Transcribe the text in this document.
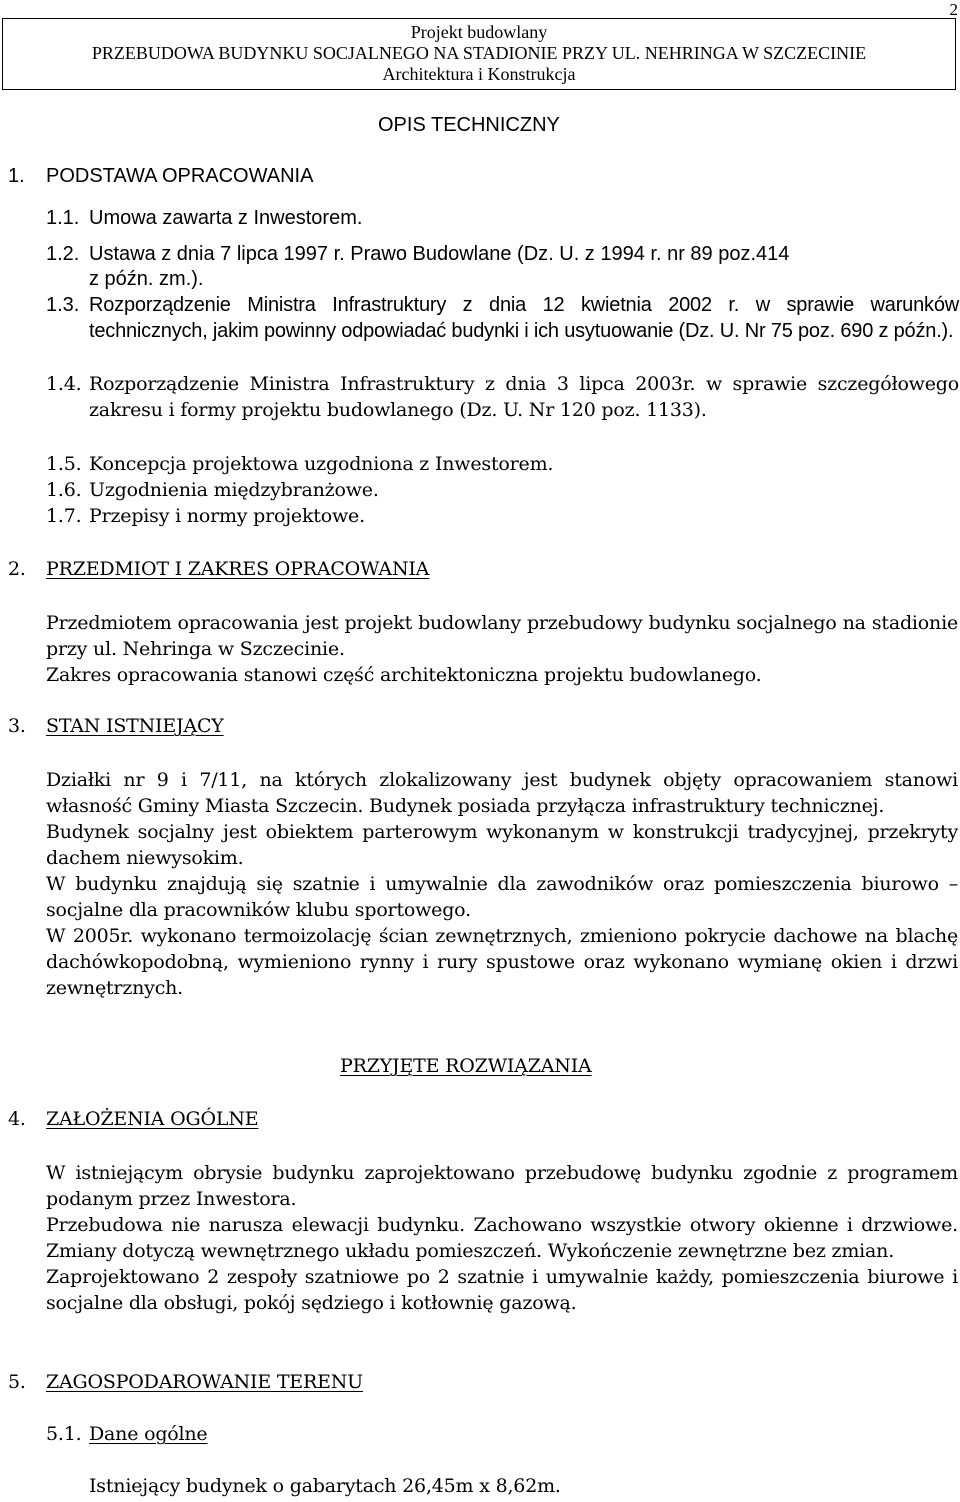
2
Projekt budowlany
PRZEBUDOWA BUDYNKU SOCJALNEGO NA STADIONIE PRZY UL. NEHRINGA W SZCZECINIE
Architektura i Konstrukcja
OPIS TECHNICZNY
1. PODSTAWA OPRACOWANIA
1.1. Umowa zawarta z Inwestorem.
1.2. Ustawa z dnia 7 lipca 1997 r. Prawo Budowlane (Dz. U. z 1994 r. nr 89 poz.414
z późn. zm.).
1.3. Rozporządzenie Ministra Infrastruktury z dnia 12 kwietnia 2002 r. w sprawie warunków technicznych, jakim powinny odpowiadać budynki i ich usytuowanie (Dz. U. Nr 75 poz. 690 z późn.).

1.4. Rozporządzenie Ministra Infrastruktury z dnia 3 lipca 2003r. w sprawie szczegółowego zakresu i formy projektu budowlanego (Dz. U. Nr 120 poz. 1133).

1.5. Koncepcja projektowa uzgodniona z Inwestorem.
1.6. Uzgodnienia międzybranżowe.
1.7. Przepisy i normy projektowe.
2. PRZEDMIOT I ZAKRES OPRACOWANIA

Przedmiotem opracowania jest projekt budowlany przebudowy budynku socjalnego na stadionie przy ul. Nehringa w Szczecinie.

Zakres opracowania stanowi część architektoniczna projektu budowlanego.

3. STAN ISTNIEJĄCY

Działki nr 9 i 7/11, na których zlokalizowany jest budynek objęty opracowaniem stanowi własność Gminy Miasta Szczecin. Budynek posiada przyłącza infrastruktury technicznej.

Budynek socjalny jest obiektem parterowym wykonanym w konstrukcji tradycyjnej, przekryty dachem niewysokim.

W budynku znajdują się szatnie i umywalnie dla zawodników oraz pomieszczenia biurowo – socjalne dla pracowników klubu sportowego.

W 2005r. wykonano termoizolację ścian zewnętrznych, zmieniono pokrycie dachowe na blachę dachówkopodobną, wymieniono rynny i rury spustowe oraz wykonano wymianę okien i drzwi zewnętrznych.

PRZYJĘTE ROZWIĄZANIA
4. ZAŁOŻENIA OGÓLNE

W istniejącym obrysie budynku zaprojektowano przebudowę budynku zgodnie z programem podanym przez Inwestora.

Przebudowa nie narusza elewacji budynku. Zachowano wszystkie otwory okienne i drzwiowe. Zmiany dotyczą wewnętrznego układu pomieszczeń. Wykończenie zewnętrzne bez zmian.

Zaprojektowano 2 zespoły szatniowe po 2 szatnie i umywalnie każdy, pomieszczenia biurowe i socjalne dla obsługi, pokój sędziego i kotłownię gazową.

5. ZAGOSPODAROWANIE TERENU
5.1. Dane ogólne
Istniejący budynek o gabarytach 26,45m x 8,62m.
